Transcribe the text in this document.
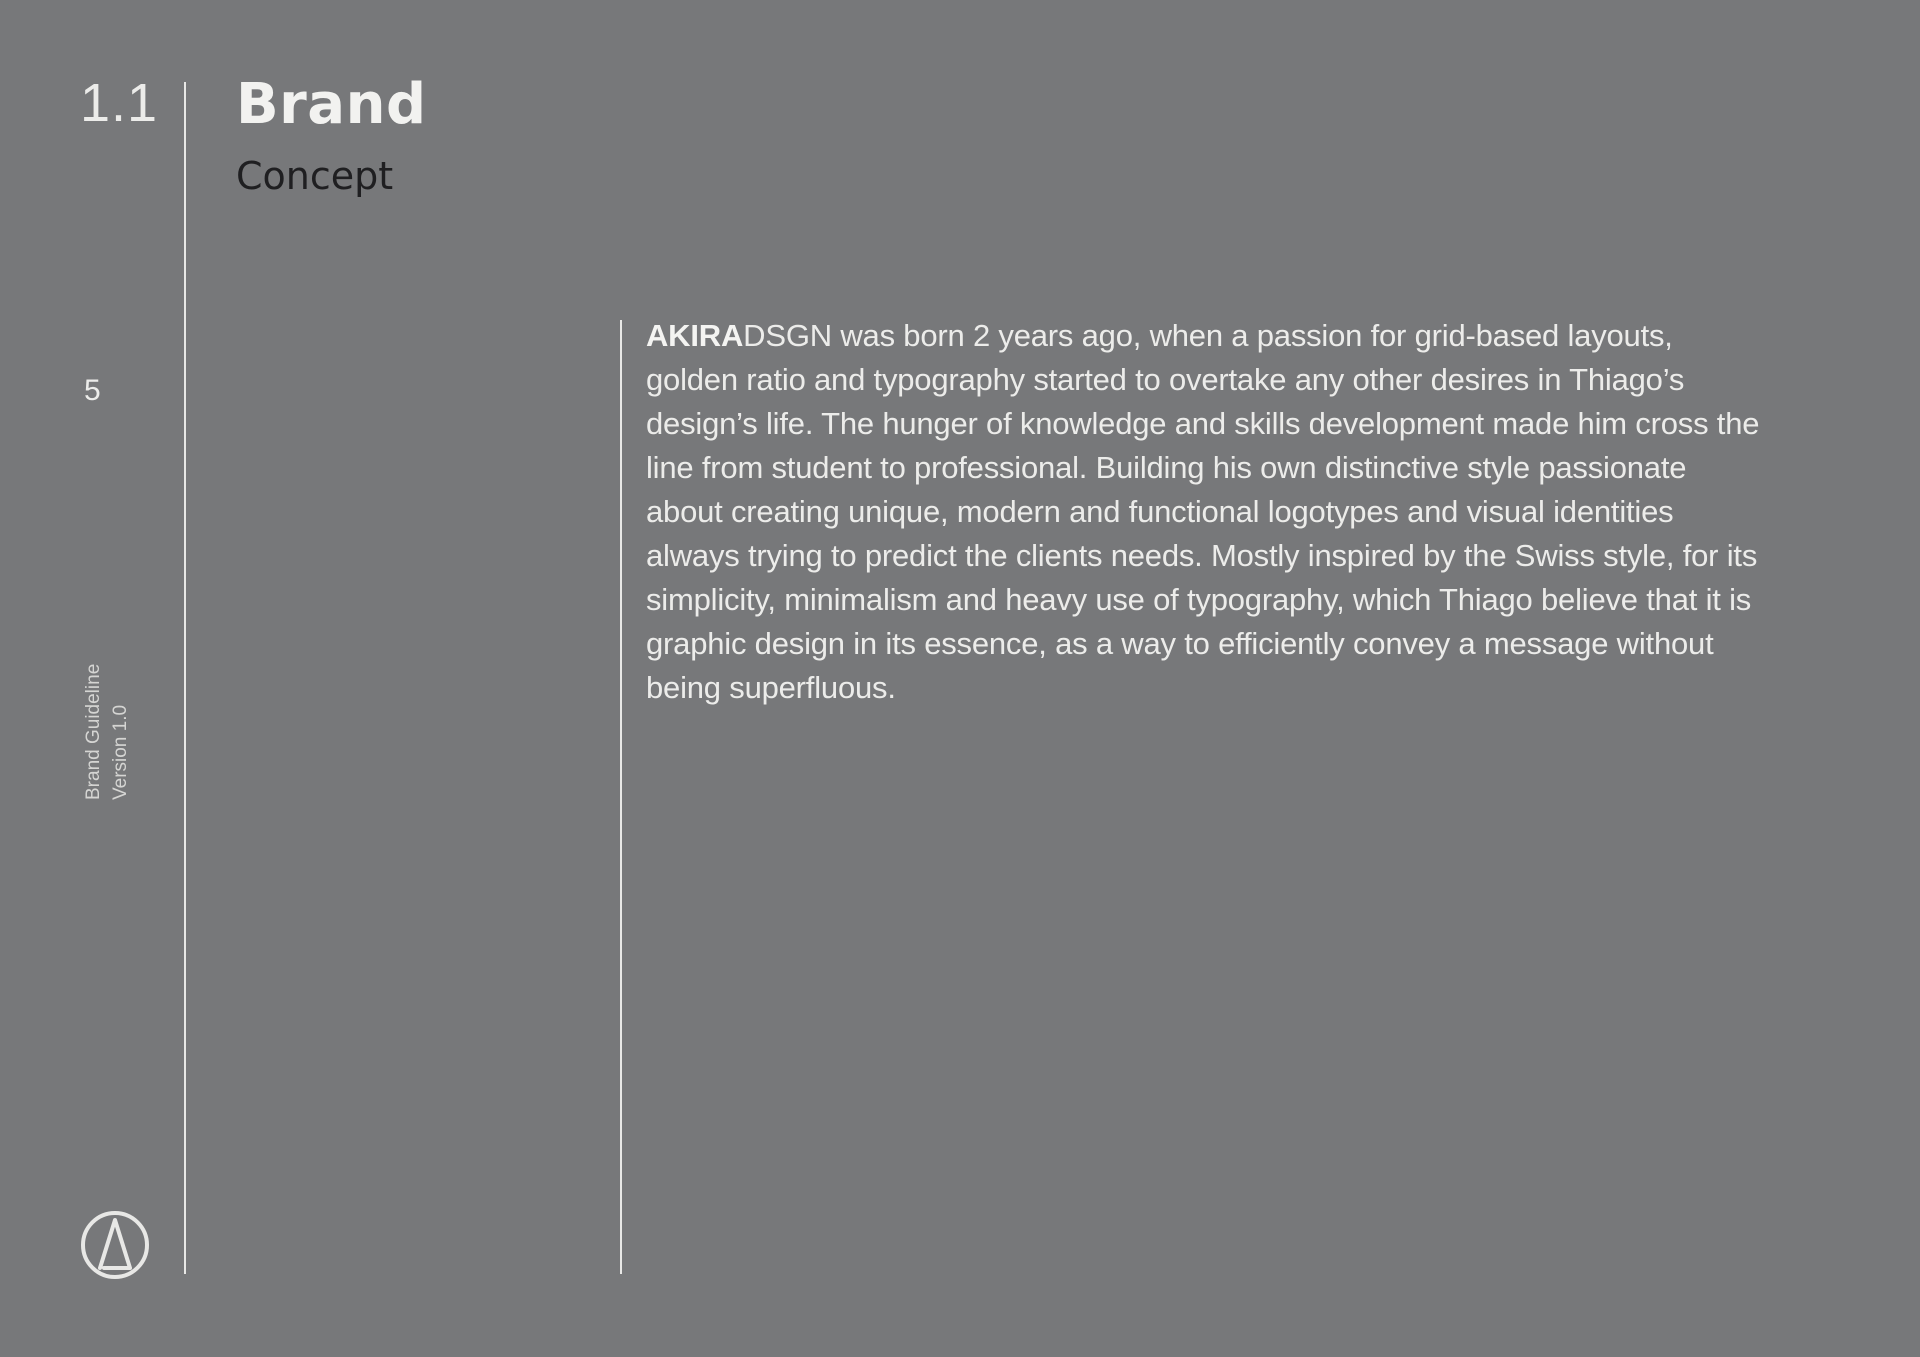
1.1 Brand
Concept
5
Brand Guideline Version 1.0
AKIRADSGN was born 2 years ago, when a passion for grid-based layouts, golden ratio and typography started to overtake any other desires in Thiago’s design’s life. The hunger of knowledge and skills development made him cross the line from student to professional. Building his own distinctive style passionate about creating unique, modern and functional logotypes and visual identities always trying to predict the clients needs. Mostly inspired by the Swiss style, for its simplicity, minimalism and heavy use of typography, which Thiago believe that it is graphic design in its essence, as a way to efficiently convey a message without being superfluous.
